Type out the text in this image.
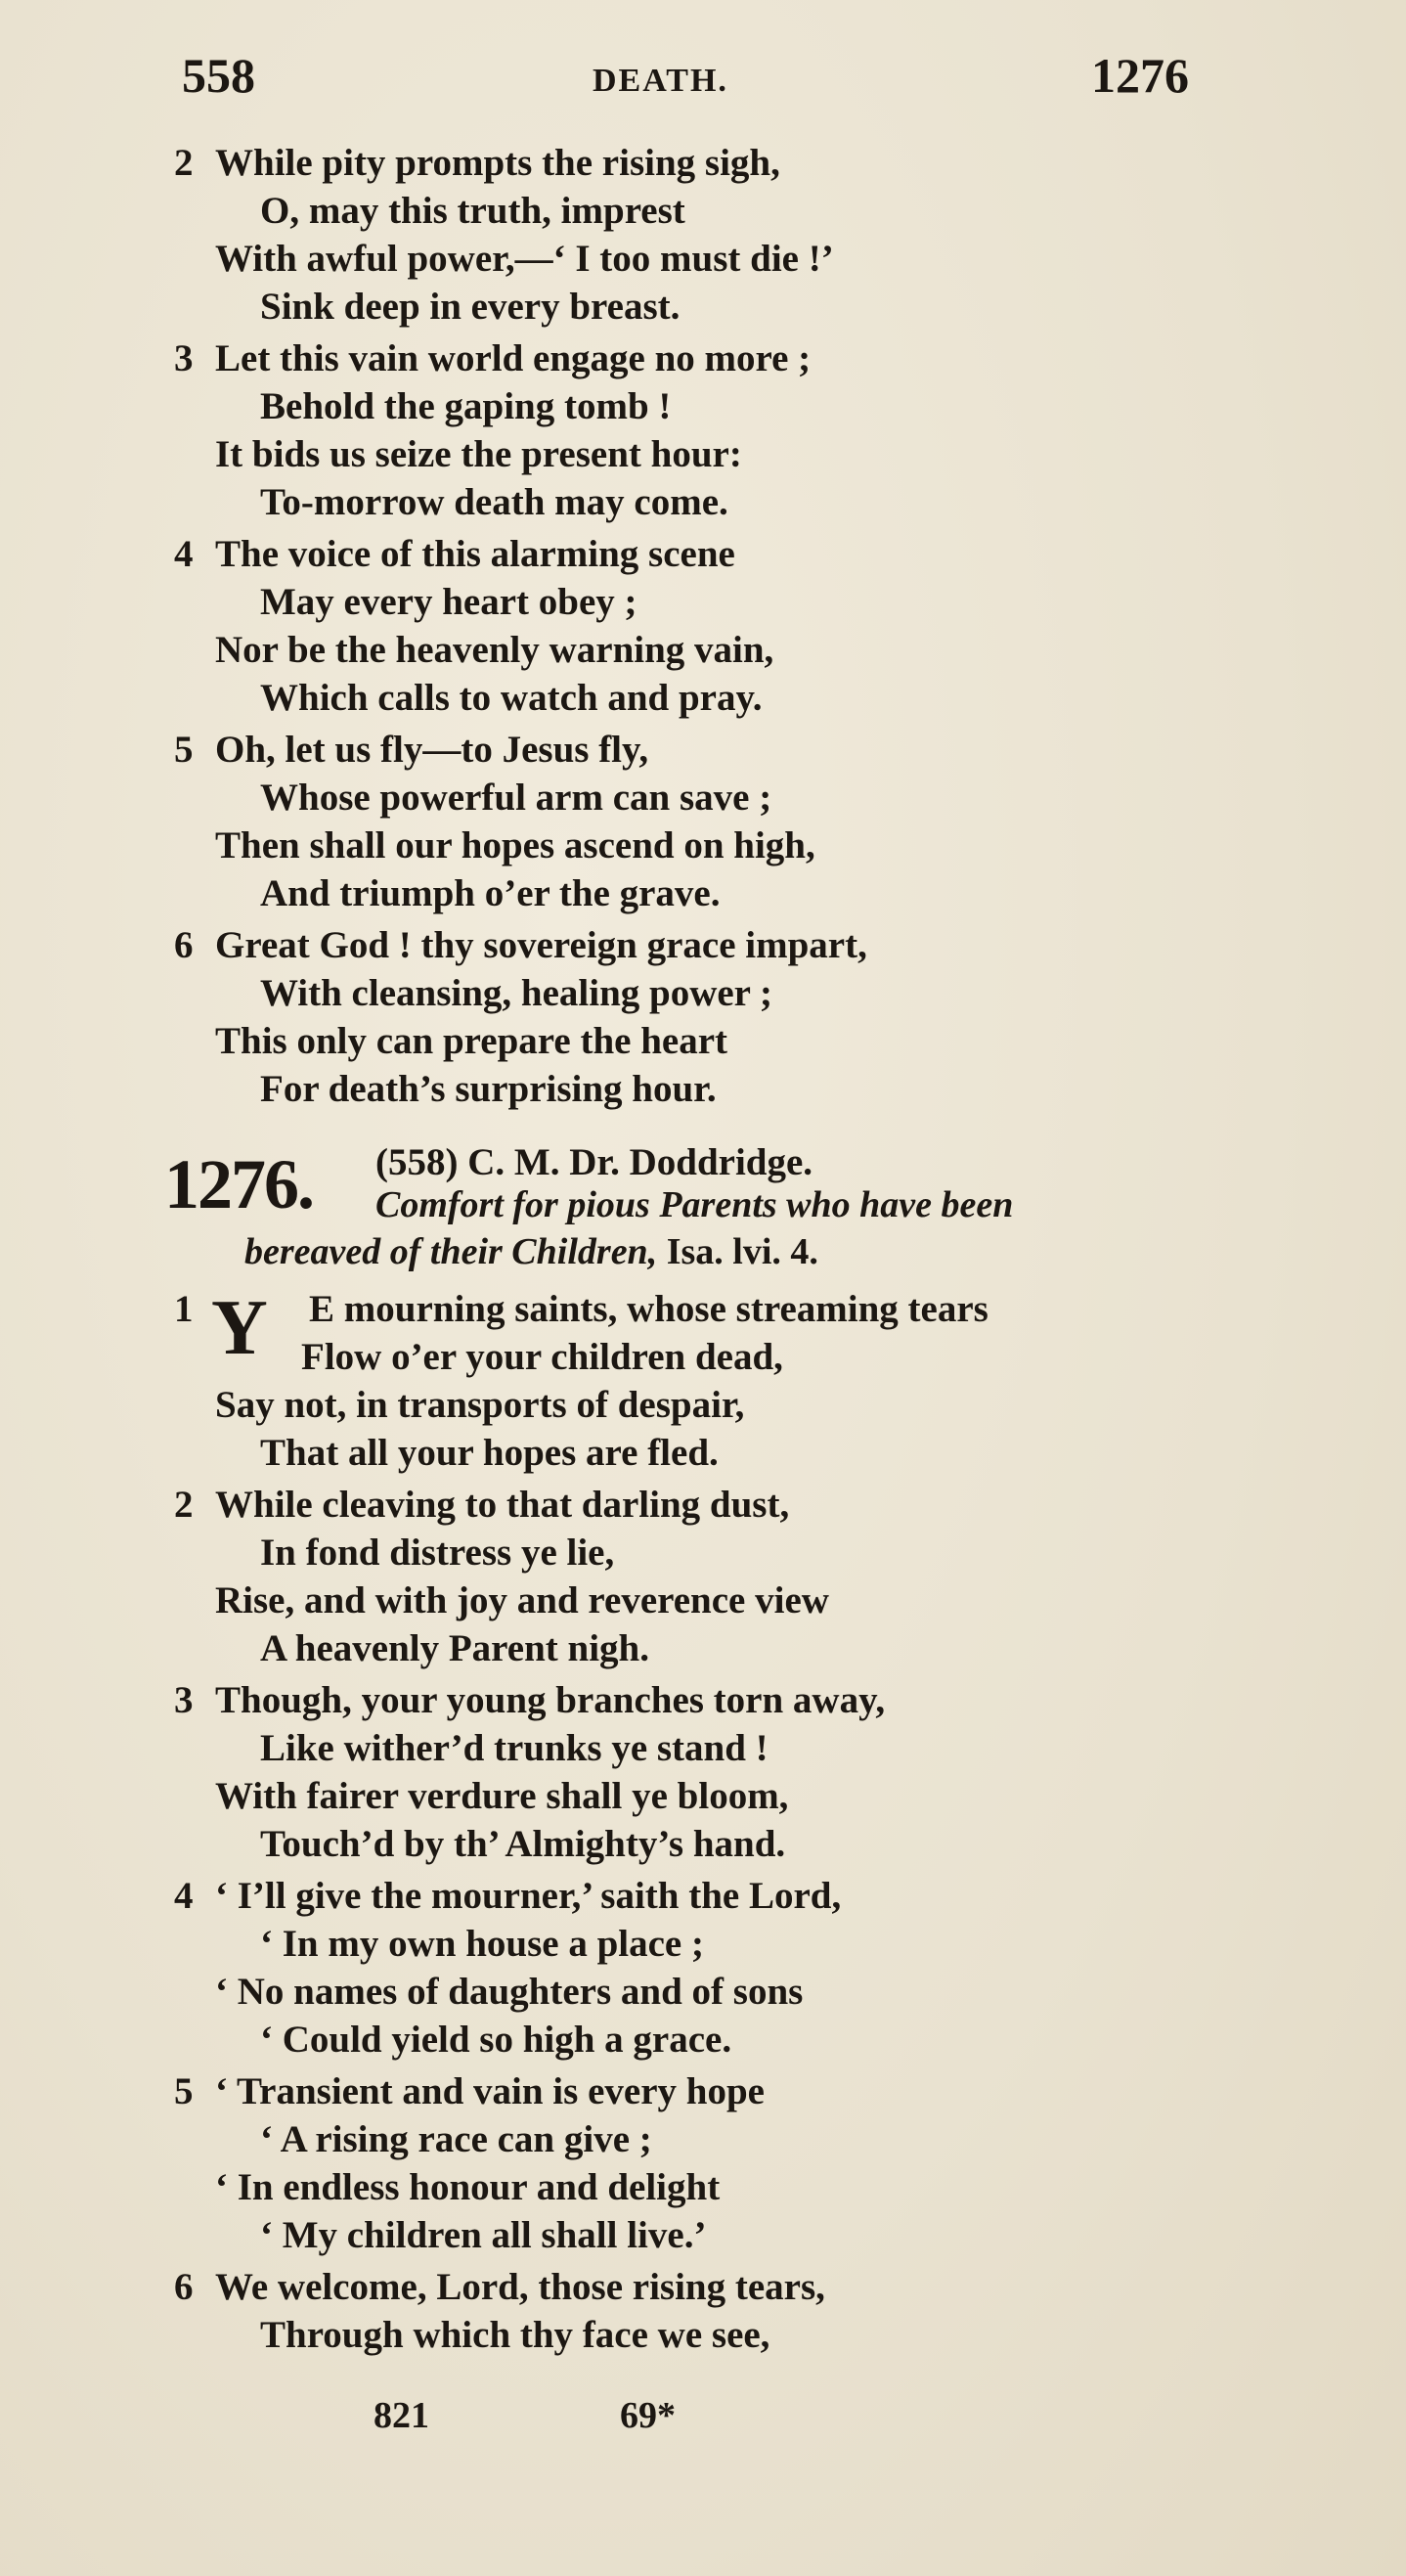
558	DEATH.	1276
2 While pity prompts the rising sigh,
O, may this truth, imprest
With awful power,—‘ I too must die !’
Sink deep in every breast.
3 Let this vain world engage no more ;
Behold the gaping tomb !
It bids us seize the present hour:
To-morrow death may come.
4 The voice of this alarming scene
May every heart obey ;
Nor be the heavenly warning vain,
Which calls to watch and pray.
5 Oh, let us fly—to Jesus fly,
Whose powerful arm can save ;
Then shall our hopes ascend on high,
And triumph o’er the grave.
6 Great God ! thy sovereign grace impart,
With cleansing, healing power ;
This only can prepare the heart
For death’s surprising hour.
1276. (558) C. M. Dr. Doddridge.
Comfort for pious Parents who have been
bereaved of their Children, Isa. lvi. 4.
Y
1	E mourning saints, whose streaming tears
Flow o’er your children dead,
Say not, in transports of despair,
That all your hopes are fled.
2 While cleaving to that darling dust,
In fond distress ye lie,
Rise, and with joy and reverence view
A heavenly Parent nigh.
3 Though, your young branches torn away,
Like wither’d trunks ye stand !
With fairer verdure shall ye bloom,
Touch’d by th’ Almighty’s hand.
4 ‘ I’ll give the mourner,’ saith the Lord,
‘ In my own house a place ;
‘ No names of daughters and of sons
‘ Could yield so high a grace.
5 ‘ Transient and vain is every hope
‘ A rising race can give ;
‘ In endless honour and delight
‘ My children all shall live.’
6 We welcome, Lord, those rising tears,
Through which thy face we see,
821	69*
